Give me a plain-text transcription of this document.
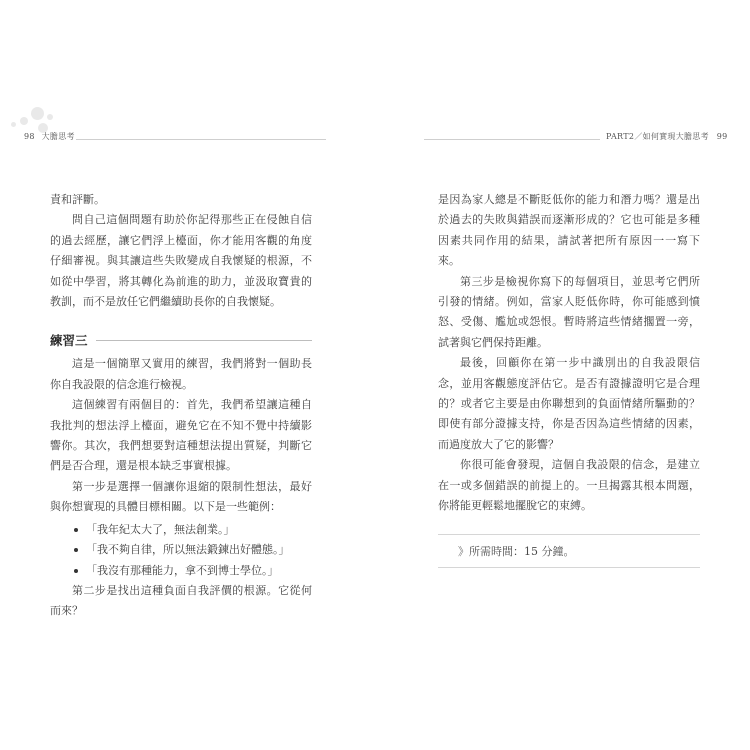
98 大膽思考	PART2／如何實現大膽思考 99

責和評斷。

問自己這個問題有助於你記得那些正在侵蝕自信的過去經歷，讓它們浮上檯面，你才能用客觀的角度仔細審視。與其讓這些失敗變成自我懷疑的根源，不如從中學習，將其轉化為前進的助力，並汲取寶貴的教訓，而不是放任它們繼續助長你的自我懷疑。

練習三

這是一個簡單又實用的練習，我們將對一個助長你自我設限的信念進行檢視。

這個練習有兩個目的：首先，我們希望讓這種自我批判的想法浮上檯面，避免它在不知不覺中持續影響你。其次，我們想要對這種想法提出質疑，判斷它們是否合理，還是根本缺乏事實根據。

第一步是選擇一個讓你退縮的限制性想法，最好與你想實現的具體目標相關。以下是一些範例：

「我年紀太大了，無法創業。」
「我不夠自律，所以無法鍛鍊出好體態。」
「我沒有那種能力，拿不到博士學位。」

第二步是找出這種負面自我評價的根源。它從何而來？

是因為家人總是不斷貶低你的能力和潛力嗎？還是出於過去的失敗與錯誤而逐漸形成的？它也可能是多種因素共同作用的結果，請試著把所有原因一一寫下來。

第三步是檢視你寫下的每個項目，並思考它們所引發的情緒。例如，當家人貶低你時，你可能感到憤怒、受傷、尷尬或怨恨。暫時將這些情緒擱置一旁，試著與它們保持距離。

最後，回顧你在第一步中識別出的自我設限信念，並用客觀態度評估它。是否有證據證明它是合理的？或者它主要是由你聯想到的負面情緒所驅動的？即使有部分證據支持，你是否因為這些情緒的因素，而過度放大了它的影響？

你很可能會發現，這個自我設限的信念，是建立在一或多個錯誤的前提上的。一旦揭露其根本問題，你將能更輕鬆地擺脫它的束縛。

》所需時間：15 分鐘。
